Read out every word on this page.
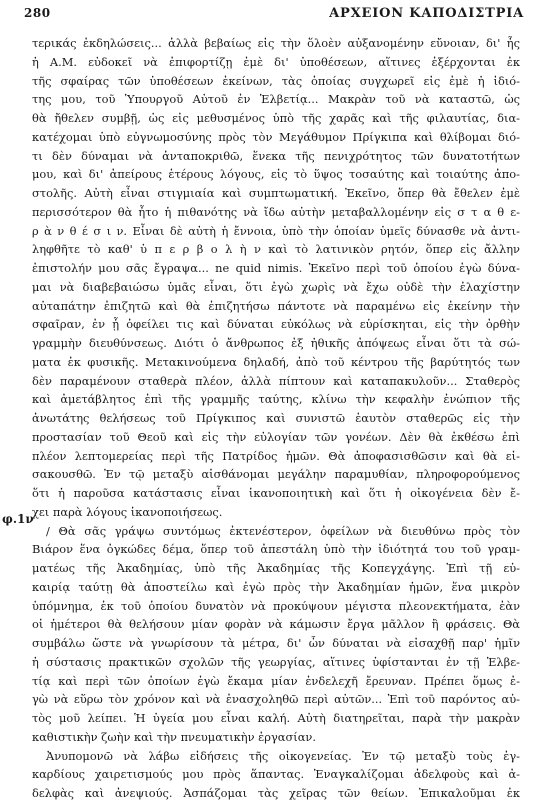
280	ΑΡΧΕΙΟΝ ΚΑΠΟΔΙΣΤΡΙΑ
φ.1ν
τερικάς ἐκδηλώσεις... ἀλλὰ βεβαίως εἰς τὴν ὅλοὲν αὐξανομένην εὔνοιαν, δι' ἧς
ἡ Α.Μ. εὐδοκεῖ νὰ ἐπιφορτίζῃ ἐμὲ δι' ὑποθέσεων, αἵτινες ἐξέρχονται ἐκ
τῆς σφαίρας τῶν ὑποθέσεων ἐκείνων, τὰς ὁποίας συγχωρεῖ εἰς ἐμὲ ἡ ἰδιό-
της μου, τοῦ Ὑπουργοῦ Αὐτοῦ ἐν Ἑλβετίᾳ... Μακρὰν τοῦ νὰ καταστῶ, ὡς
θὰ ἤθελεν συμβῇ, ὡς εἰς μεθυσμένος ὑπὸ τῆς χαρᾶς καὶ τῆς φιλαυτίας, δια-
κατέχομαι ὑπὸ εὐγνωμοσύνης πρὸς τὸν Μεγάθυμον Πρίγκιπα καὶ θλίβομαι διό-
τι δὲν δύναμαι νὰ ἀνταποκριθῶ, ἕνεκα τῆς πενιχρότητος τῶν δυνατοτήτων
μου, καὶ δι' ἀπείρους ἑτέρους λόγους, εἰς τὸ ὕψος τοσαύτης καὶ τοιαύτης ἀπο-
στολῆς. Αὐτὴ εἶναι στιγμιαία καὶ συμπτωματική. Ἐκεῖνο, ὅπερ θὰ ἔθελεν ἐμὲ
περισσότερον θὰ ἦτο ἡ πιθανότης νὰ ἴδω αὐτὴν μεταβαλλομένην εἰς σ τ α θ ε-
ρ ὰ ν θ έ σ ι ν. Εἶναι δὲ αὐτὴ ἡ ἔννοια, ὑπὸ τὴν ὁποίαν ὑμεῖς δύνασθε νὰ ἀντι-
ληφθῆτε τὸ καθ' ὑ π ε ρ β ο λ ὴ ν καὶ τὸ λατινικὸν ρητόν, ὅπερ εἰς ἄλλην
ἐπιστολήν μου σᾶς ἔγραψα... ne quid nimis. Ἐκεῖνο περὶ τοῦ ὁποίου ἐγὼ δύνα-
μαι νὰ διαβεβαιώσω ὑμᾶς εἶναι, ὅτι ἐγὼ χωρὶς νὰ ἔχω οὐδὲ τὴν ἐλαχίστην
αὐταπάτην ἐπιζητῶ καὶ θὰ ἐπιζητήσω πάντοτε νὰ παραμένω εἰς ἐκείνην τὴν
σφαῖραν, ἐν ᾗ ὀφείλει τις καὶ δύναται εὐκόλως νὰ εὑρίσκηται, εἰς τὴν ὀρθὴν
γραμμὴν διευθύνσεως. Διότι ὁ ἄνθρωπος ἐξ ἠθικῆς ἀπόψεως εἶναι ὅτι τὰ σώ-
ματα ἐκ φυσικῆς. Μετακινούμενα δηλαδή, ἀπὸ τοῦ κέντρου τῆς βαρύτητός των
δὲν παραμένουν σταθερὰ πλέον, ἀλλὰ πίπτουν καὶ καταπακυλοῦν... Σταθερὸς
καὶ ἀμετάβλητος ἐπὶ τῆς γραμμῆς ταύτης, κλίνω τὴν κεφαλὴν ἐνώπιον τῆς
ἀνωτάτης θελήσεως τοῦ Πρίγκιπος καὶ συνιστῶ ἑαυτὸν σταθερῶς εἰς τὴν
προστασίαν τοῦ Θεοῦ καὶ εἰς τὴν εὐλογίαν τῶν γονέων. Δὲν θὰ ἐκθέσω ἐπὶ
πλέον λεπτομερείας περὶ τῆς Πατρίδος ἡμῶν. Θὰ ἀποφασισθῶσιν καὶ θὰ εἰ-
σακουσθῶ. Ἐν τῷ μεταξὺ αἰσθάνομαι μεγάλην παραμυθίαν, πληροφορούμενος
ὅτι ἡ παροῦσα κατάστασις εἶναι ἱκανοποιητικὴ καὶ ὅτι ἡ οἰκογένεια δὲν ἔ-
χει παρὰ λόγους ἱκανοποιήσεως.
/ Θὰ σᾶς γράψω συντόμως ἐκτενέστερον, ὀφείλων νὰ διευθύνω πρὸς τὸν
Βιάρον ἕνα ὀγκώδες δέμα, ὅπερ τοῦ ἀπεστάλη ὑπὸ τὴν ἰδιότητά του τοῦ γραμ-
ματέως τῆς Ἀκαδημίας, ὑπὸ τῆς Ἀκαδημίας τῆς Κοπεγχάγης. Ἐπὶ τῇ εὐ-
καιρίᾳ ταύτῃ θὰ ἀποστείλω καὶ ἐγὼ πρὸς τὴν Ἀκαδημίαν ἡμῶν, ἕνα μικρὸν
ὑπόμνημα, ἐκ τοῦ ὁποίου δυνατὸν νὰ προκύψουν μέγιστα πλεονεκτήματα, ἐὰν
οἱ ἡμέτεροι θὰ θελήσουν μίαν φορὰν νὰ κάμωσιν ἔργα μᾶλλον ἢ φράσεις. Θὰ
συμβάλω ὥστε νὰ γνωρίσουν τὰ μέτρα, δι' ὧν δύναται νὰ εἰσαχθῇ παρ' ἡμῖν
ἡ σύστασις πρακτικῶν σχολῶν τῆς γεωργίας, αἵτινες ὑφίστανται ἐν τῇ Ἑλβε-
τίᾳ καὶ περὶ τῶν ὁποίων ἐγὼ ἔκαμα μίαν ἐνδελεχῆ ἔρευναν. Πρέπει ὅμως ἐ-
γὼ νὰ εὕρω τὸν χρόνον καὶ νὰ ἐνασχοληθῶ περὶ αὐτῶν... Ἐπὶ τοῦ παρόντος αὐ-
τὸς μοῦ λείπει. Ἡ ὑγεία μου εἶναι καλή. Αὐτὴ διατηρεῖται, παρὰ τὴν μακρὰν
καθιστικὴν ζωὴν καὶ τὴν πνευματικὴν ἐργασίαν.
Ἀνυπομονῶ νὰ λάβω εἰδήσεις τῆς οἰκογενείας. Ἐν τῷ μεταξὺ τοὺς ἐγ-
καρδίους χαιρετισμούς μου πρὸς ἅπαντας. Ἐναγκαλίζομαι ἀδελφοὺς καὶ ἀ-
δελφὰς καὶ ἀνεψιούς. Ἀσπάζομαι τὰς χεῖρας τῶν θείων. Ἐπικαλοῦμαι ἐκ
